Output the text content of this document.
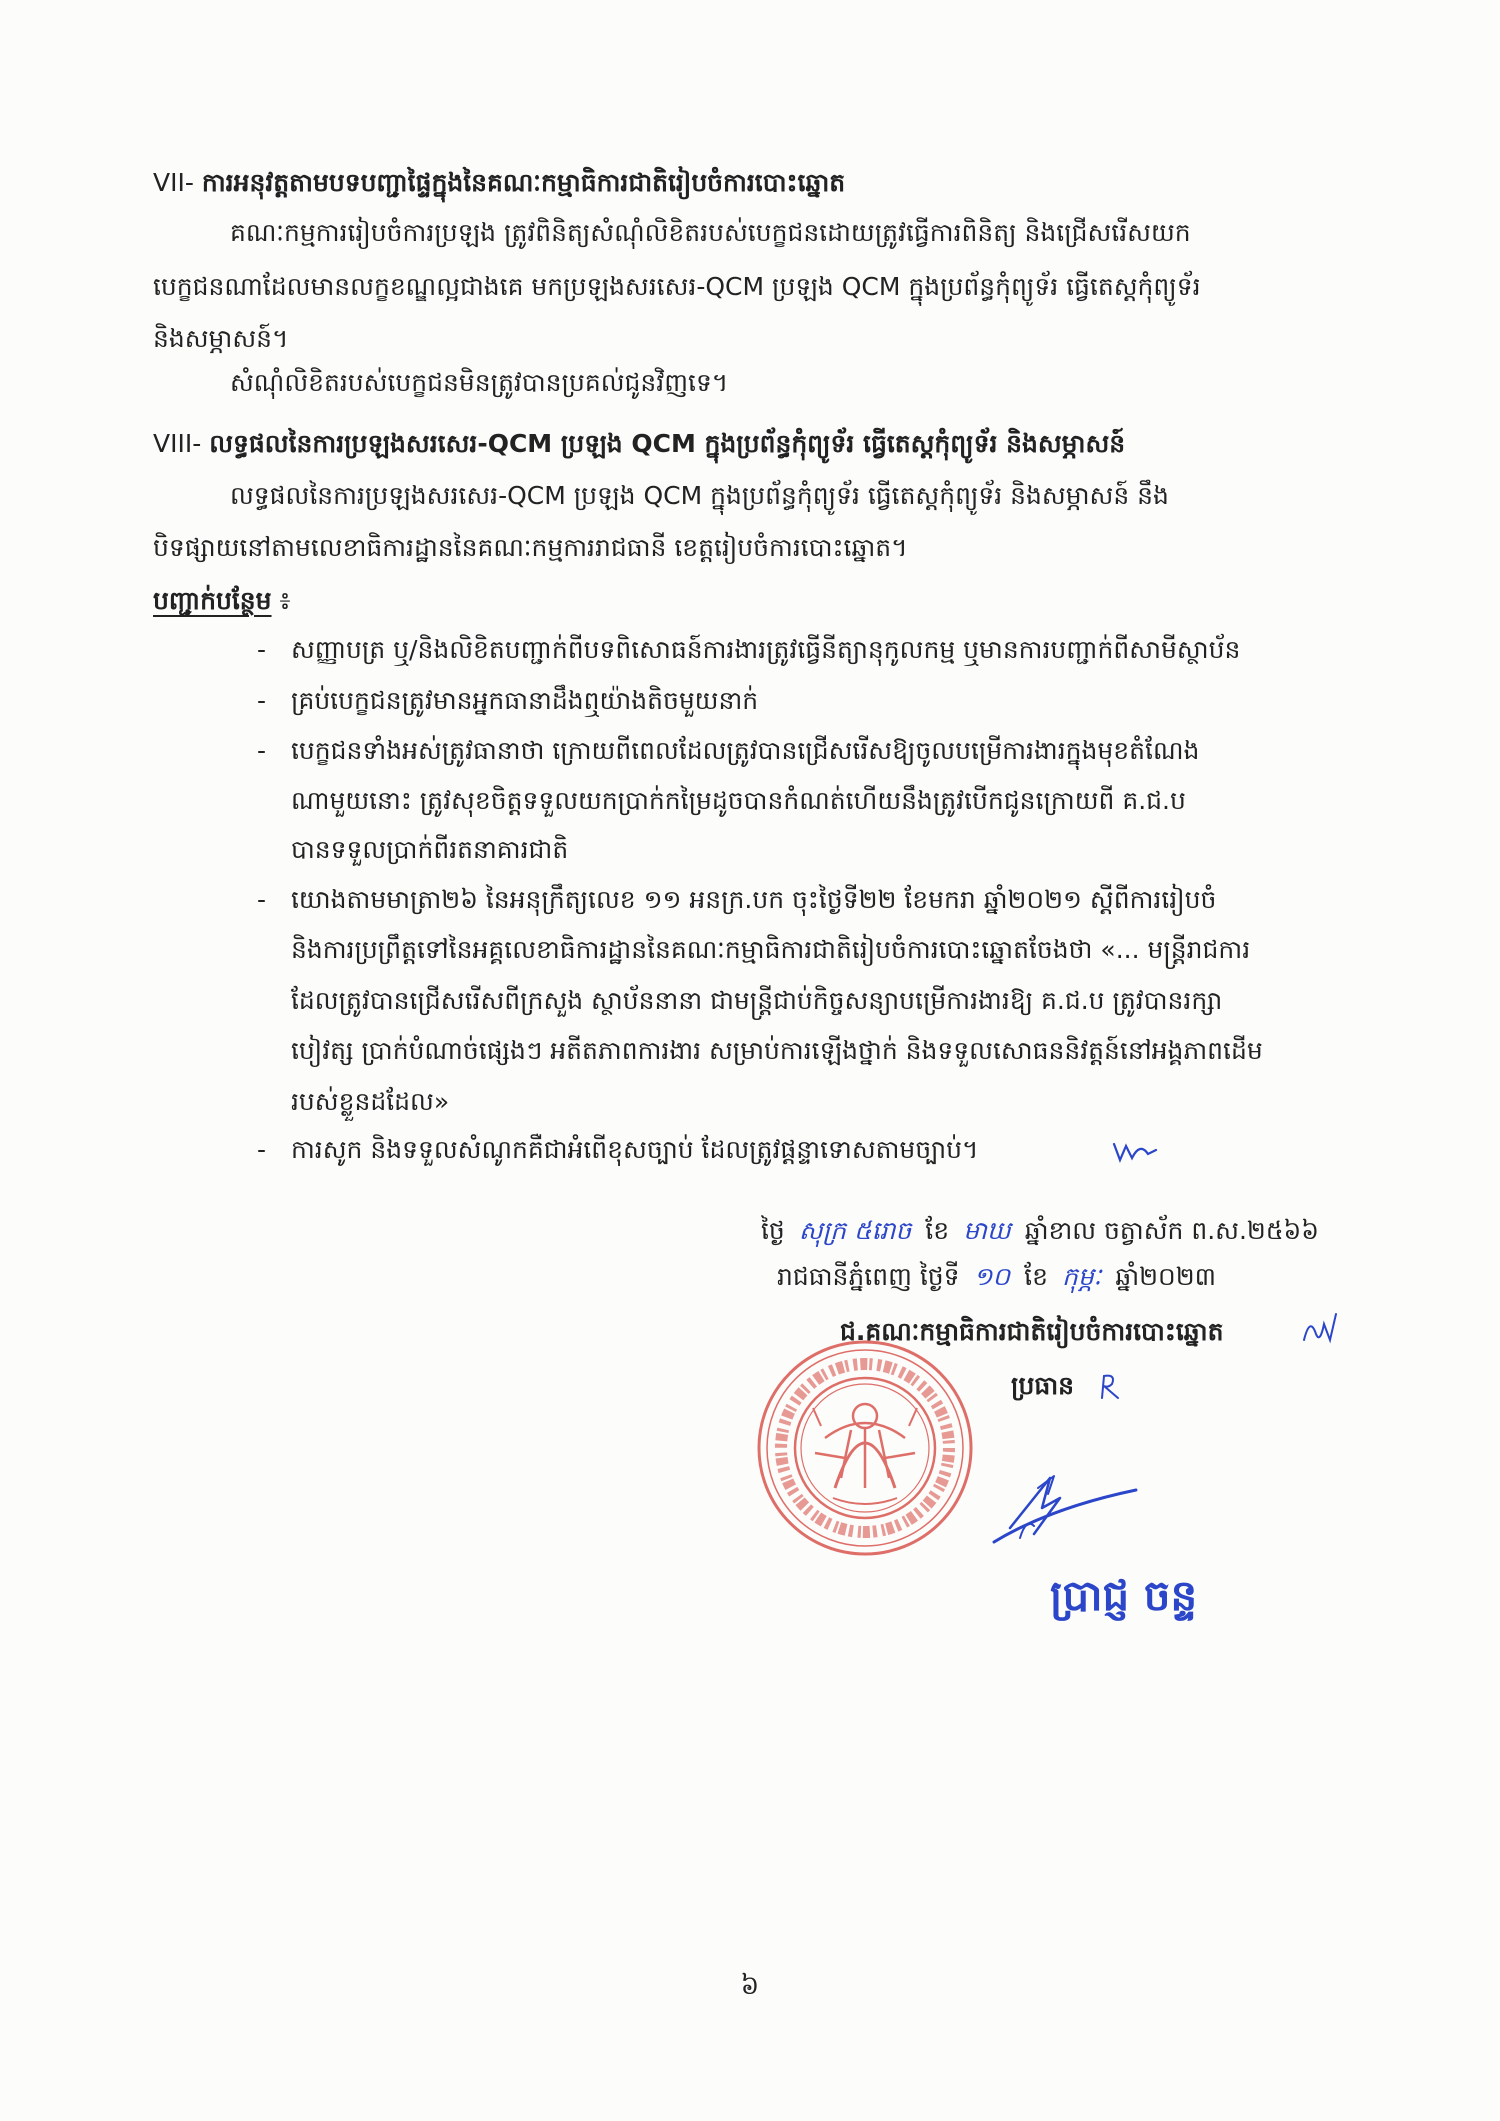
VII- ការអនុវត្តតាមបទបញ្ជាផ្ទៃក្នុងនៃគណៈកម្មាធិការជាតិរៀបចំការបោះឆ្នោត
គណៈកម្មការរៀបចំការប្រឡង ត្រូវពិនិត្យសំណុំលិខិតរបស់បេក្ខជនដោយត្រូវធ្វើការពិនិត្យ និងជ្រើសរើសយក
បេក្ខជនណាដែលមានលក្ខខណ្ឌល្អជាងគេ មកប្រឡងសរសេរ-QCM ប្រឡង QCM ក្នុងប្រព័ន្ធកុំព្យូទ័រ ធ្វើតេស្តកុំព្យូទ័រ
និងសម្ភាសន៍។
សំណុំលិខិតរបស់បេក្ខជនមិនត្រូវបានប្រគល់ជូនវិញទេ។
VIII- លទ្ធផលនៃការប្រឡងសរសេរ-QCM ប្រឡង QCM ក្នុងប្រព័ន្ធកុំព្យូទ័រ ធ្វើតេស្តកុំព្យូទ័រ និងសម្ភាសន៍
លទ្ធផលនៃការប្រឡងសរសេរ-QCM ប្រឡង QCM ក្នុងប្រព័ន្ធកុំព្យូទ័រ ធ្វើតេស្តកុំព្យូទ័រ និងសម្ភាសន៍ នឹង
បិទផ្សាយនៅតាមលេខាធិការដ្ឋាននៃគណៈកម្មការរាជធានី ខេត្តរៀបចំការបោះឆ្នោត។
បញ្ជាក់បន្ថែម ៖
- សញ្ញាបត្រ ឬ/និងលិខិតបញ្ជាក់ពីបទពិសោធន៍ការងារត្រូវធ្វើនីត្យានុកូលកម្ម ឬមានការបញ្ជាក់ពីសាមីស្ថាប័ន
- គ្រប់បេក្ខជនត្រូវមានអ្នកធានាដឹងឮយ៉ាងតិចមួយនាក់
- បេក្ខជនទាំងអស់ត្រូវធានាថា ក្រោយពីពេលដែលត្រូវបានជ្រើសរើសឱ្យចូលបម្រើការងារក្នុងមុខតំណែង
ណាមួយនោះ ត្រូវសុខចិត្តទទួលយកប្រាក់កម្រៃដូចបានកំណត់ហើយនឹងត្រូវបើកជូនក្រោយពី គ.ជ.ប
បានទទួលប្រាក់ពីរតនាគារជាតិ
- យោងតាមមាត្រា២៦ នៃអនុក្រឹត្យលេខ ១១ អនក្រ.បក ចុះថ្ងៃទី២២ ខែមករា ឆ្នាំ២០២១ ស្តីពីការរៀបចំ
និងការប្រព្រឹត្តទៅនៃអគ្គលេខាធិការដ្ឋាននៃគណៈកម្មាធិការជាតិរៀបចំការបោះឆ្នោតចែងថា «... មន្ត្រីរាជការ
ដែលត្រូវបានជ្រើសរើសពីក្រសួង ស្ថាប័ននានា ជាមន្ត្រីជាប់កិច្ចសន្យាបម្រើការងារឱ្យ គ.ជ.ប ត្រូវបានរក្សា
បៀវត្ស ប្រាក់បំណាច់ផ្សេងៗ អតីតភាពការងារ សម្រាប់ការឡើងថ្នាក់ និងទទួលសោធននិវត្តន៍នៅអង្គភាពដើម
របស់ខ្លួនដដែល»
- ការសូក និងទទួលសំណូកគឺជាអំពើខុសច្បាប់ ដែលត្រូវផ្តន្ទាទោសតាមច្បាប់។
ថ្ងៃ សុក្រ ៥រោច ខែ មាឃ ឆ្នាំខាល ចត្វាស័ក ព.ស.២៥៦៦
រាជធានីភ្នំពេញ ថ្ងៃទី ១០ ខែ កុម្ភៈ ឆ្នាំ២០២៣
ជ.គណៈកម្មាធិការជាតិរៀបចំការបោះឆ្នោត
ប្រធាន
ប្រាជ្ញ ចន្ទ
៦
